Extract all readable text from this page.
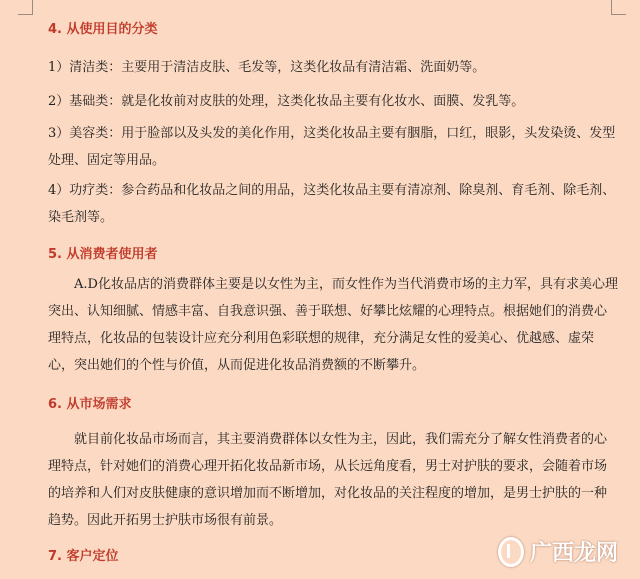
4. 从使用目的分类

1）清洁类：主要用于清洁皮肤、毛发等，这类化妆品有清洁霜、洗面奶等。

2）基础类：就是化妆前对皮肤的处理，这类化妆品主要有化妆水、面膜、发乳等。

3）美容类：用于脸部以及头发的美化作用，这类化妆品主要有胭脂，口红，眼影，头发染烫、发型处理、固定等用品。

4）功疗类：参合药品和化妆品之间的用品，这类化妆品主要有清凉剂、除臭剂、育毛剂、除毛剂、染毛剂等。

5. 从消费者使用者

A.D化妆品店的消费群体主要是以女性为主，而女性作为当代消费市场的主力军，具有求美心理突出、认知细腻、情感丰富、自我意识强、善于联想、好攀比炫耀的心理特点。根据她们的消费心理特点，化妆品的包装设计应充分利用色彩联想的规律，充分满足女性的爱美心、优越感、虚荣心，突出她们的个性与价值，从而促进化妆品消费额的不断攀升。

6. 从市场需求

就目前化妆品市场而言，其主要消费群体以女性为主，因此，我们需充分了解女性消费者的心理特点，针对她们的消费心理开拓化妆品新市场，从长远角度看，男士对护肤的要求，会随着市场的培养和人们对皮肤健康的意识增加而不断增加，对化妆品的关注程度的增加，是男士护肤的一种趋势。因此开拓男士护肤市场很有前景。

7. 客户定位	广西龙网
